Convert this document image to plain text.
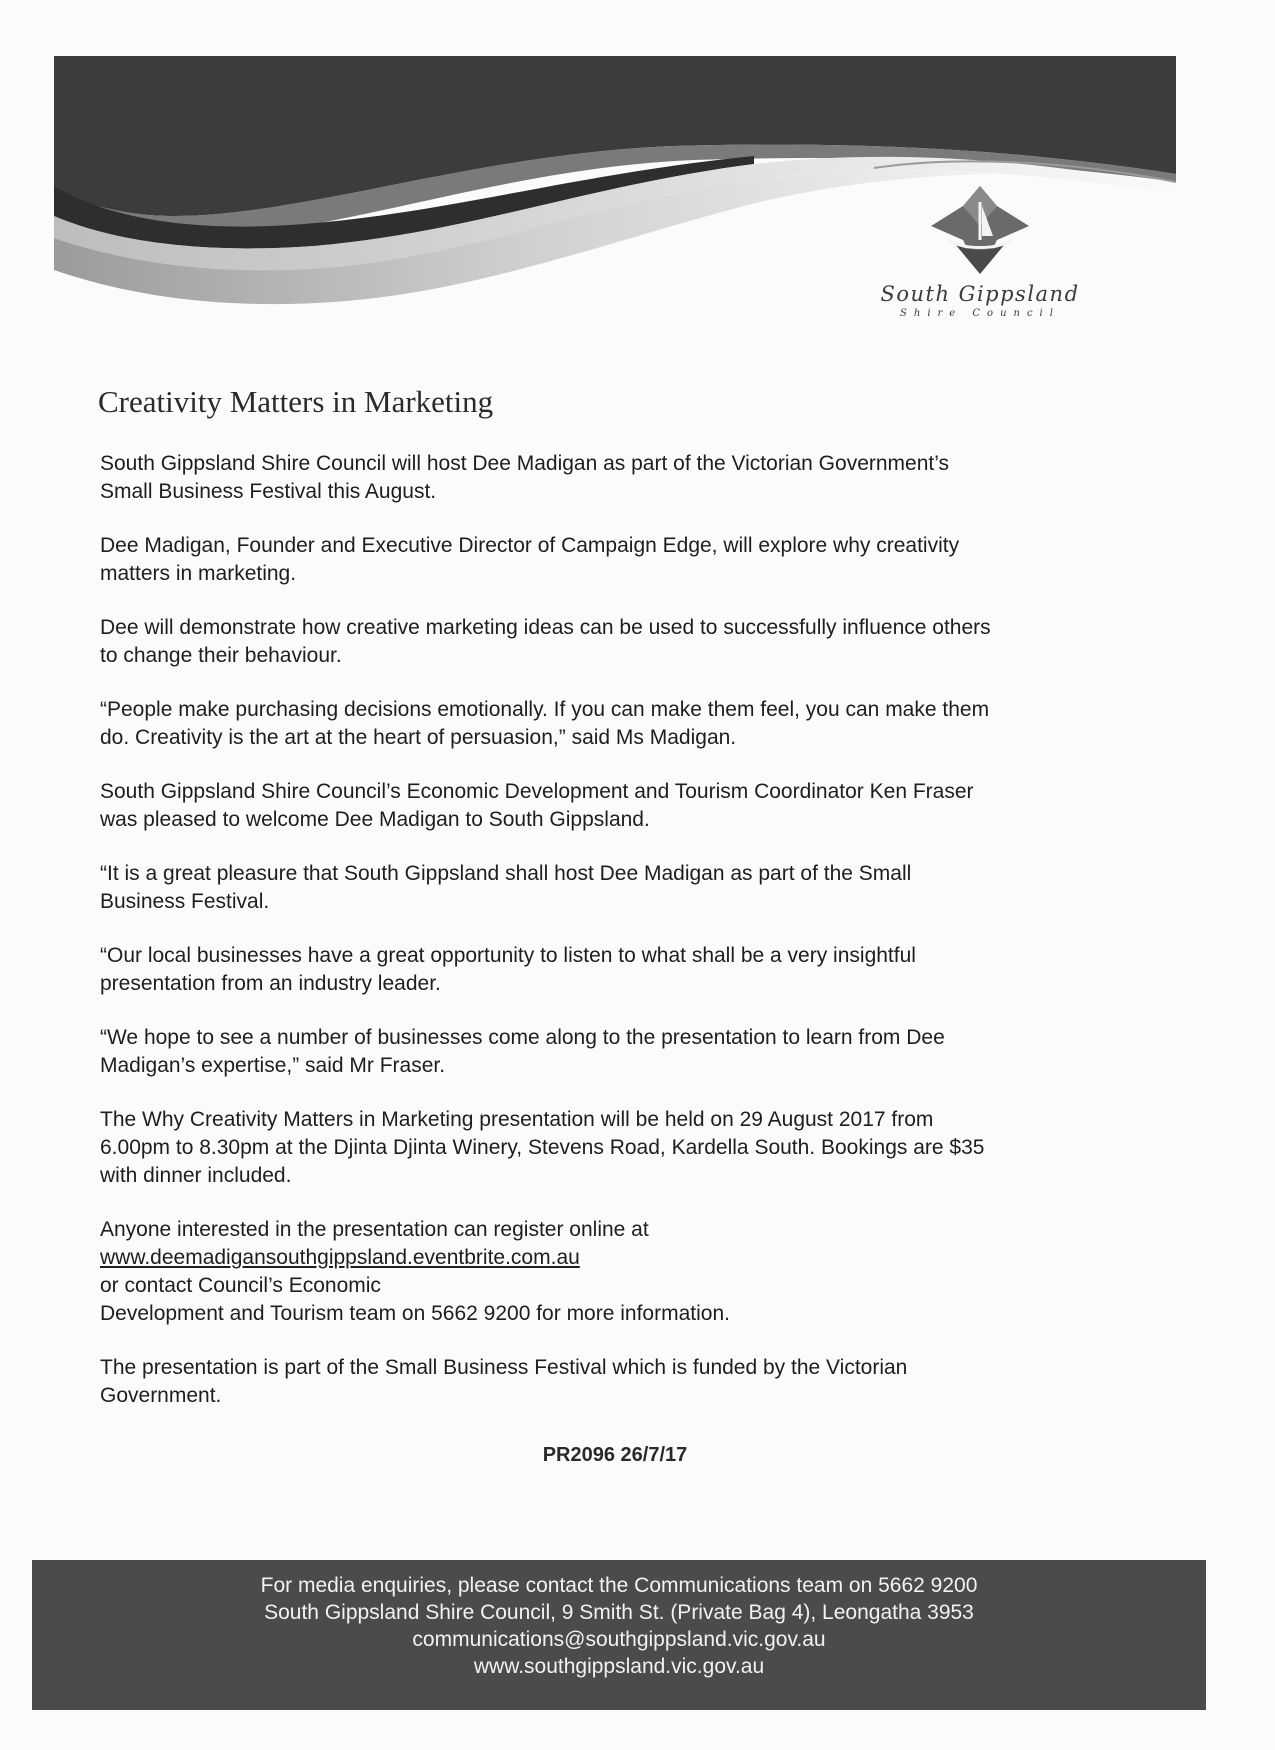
South Gippsland
Shire Council
Creativity Matters in Marketing

South Gippsland Shire Council will host Dee Madigan as part of the Victorian Government’s
Small Business Festival this August.

Dee Madigan, Founder and Executive Director of Campaign Edge, will explore why creativity
matters in marketing.

Dee will demonstrate how creative marketing ideas can be used to successfully influence others
to change their behaviour.

“People make purchasing decisions emotionally. If you can make them feel, you can make them
do. Creativity is the art at the heart of persuasion,” said Ms Madigan.

South Gippsland Shire Council’s Economic Development and Tourism Coordinator Ken Fraser
was pleased to welcome Dee Madigan to South Gippsland.

“It is a great pleasure that South Gippsland shall host Dee Madigan as part of the Small
Business Festival.

“Our local businesses have a great opportunity to listen to what shall be a very insightful
presentation from an industry leader.

“We hope to see a number of businesses come along to the presentation to learn from Dee
Madigan’s expertise,” said Mr Fraser.

The Why Creativity Matters in Marketing presentation will be held on 29 August 2017 from
6.00pm to 8.30pm at the Djinta Djinta Winery, Stevens Road, Kardella South. Bookings are $35
with dinner included.

Anyone interested in the presentation can register online at
www.deemadigansouthgippsland.eventbrite.com.au
or contact Council’s Economic
Development and Tourism team on 5662 9200 for more information.

The presentation is part of the Small Business Festival which is funded by the Victorian
Government.

PR2096 26/7/17

For media enquiries, please contact the Communications team on 5662 9200
South Gippsland Shire Council, 9 Smith St. (Private Bag 4), Leongatha 3953
communications@southgippsland.vic.gov.au
www.southgippsland.vic.gov.au
